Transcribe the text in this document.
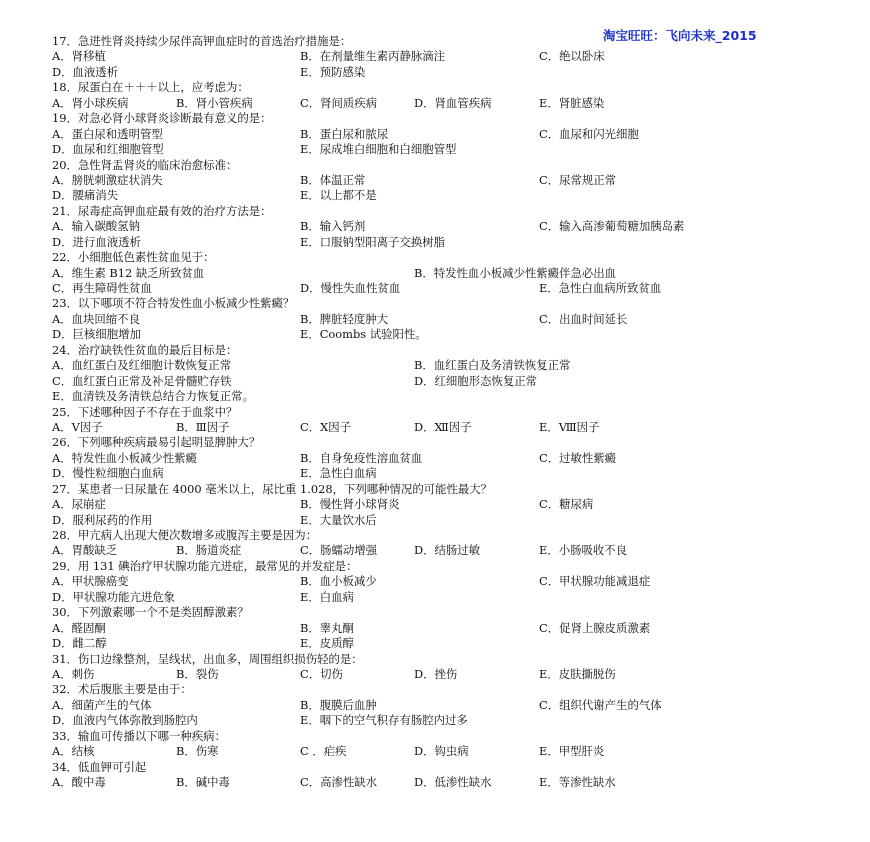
淘宝旺旺：飞向未来_2015
17．急进性肾炎持续少尿伴高钾血症时的首选治疗措施是：
A．肾移植	B．在剂量维生素丙静脉滴注	C．绝以卧床
D．血液透析	E．预防感染
18．尿蛋白在＋＋＋以上，应考虑为：
A．肾小球疾病	B．肾小管疾病	C．肾间质疾病	D．肾血管疾病	E．肾脏感染
19．对急必肾小球肾炎诊断最有意义的是：
A．蛋白尿和透明管型	B．蛋白尿和脓尿	C．血尿和闪光细胞
D．血尿和红细胞管型	E．尿成堆白细胞和白细胞管型
20．急性肾盂肾炎的临床治愈标准：
A．膀胱刺激症状消失	B．体温正常	C．尿常规正常
D．腰痛消失	E．以上都不是
21．尿毒症高钾血症最有效的治疗方法是：
A．输入碳酸氢钠	B．输入钙剂	C．输入高渗葡萄糖加胰岛素
D．进行血液透析	E．口服钠型阳离子交换树脂
22．小细胞低色素性贫血见于：
A．维生素 B12 缺乏所致贫血	B．特发性血小板减少性紫癜伴急必出血
C．再生障碍性贫血	D．慢性失血性贫血	E．急性白血病所致贫血
23．以下哪项不符合特发性血小板减少性紫癜？
A．血块回缩不良	B．脾脏轻度肿大	C．出血时间延长
D．巨核细胞增加	E．Coombs 试验阳性。
24．治疗缺铁性贫血的最后目标是：
A．血红蛋白及红细胞计数恢复正常	B．血红蛋白及务清铁恢复正常
C．血红蛋白正常及补足骨髓贮存铁	D．红细胞形态恢复正常
E．血清铁及务清铁总结合力恢复正常。
25．下述哪种因子不存在于血浆中？
A．Ⅴ因子	B．Ⅲ因子	C．Ⅹ因子	D．Ⅻ因子	E．Ⅷ因子
26．下列哪种疾病最易引起明显脾肿大？
A．特发性血小板减少性紫癜	B．自身免疫性溶血贫血	C．过敏性紫癜
D．慢性粒细胞白血病	E．急性白血病
27．某患者一日尿量在 4000 毫米以上，尿比重 1.028，下列哪种情况的可能性最大？
A．尿崩症	B．慢性肾小球肾炎	C．糖尿病
D．服利尿药的作用	E．大量饮水后
28．甲亢病人出现大便次数增多或腹泻主要是因为：
A．胃酸缺乏	B．肠道炎症	C．肠蠕动增强	D．结肠过敏	E．小肠吸收不良
29．用 131 碘治疗甲状腺功能亢进症，最常见的并发症是：
A．甲状腺癌变	B．血小板减少	C．甲状腺功能减退症
D．甲状腺功能亢进危象	E．白血病
30．下列激素哪一个不是类固醇激素？
A．醛固酮	B．睾丸酮	C．促肾上腺皮质激素
D．雌二醇	E．皮质醇
31．伤口边缘整剂，呈线状，出血多，周围组织损伤轻的是：
A．刺伤	B．裂伤	C．切伤	D．挫伤	E．皮肤撕脱伤
32．术后腹胀主要是由于：
A．细菌产生的气体	B．腹膜后血肿	C．组织代谢产生的气体
D．血液内气体弥散到肠腔内	E．咽下的空气积存有肠腔内过多
33．输血可传播以下哪一种疾病：
A．结核	B．伤寒	C ．疟疾	D．钩虫病	E．甲型肝炎
34．低血钾可引起
A．酸中毒	B．碱中毒	C．高渗性缺水	D．低渗性缺水	E．等渗性缺水
